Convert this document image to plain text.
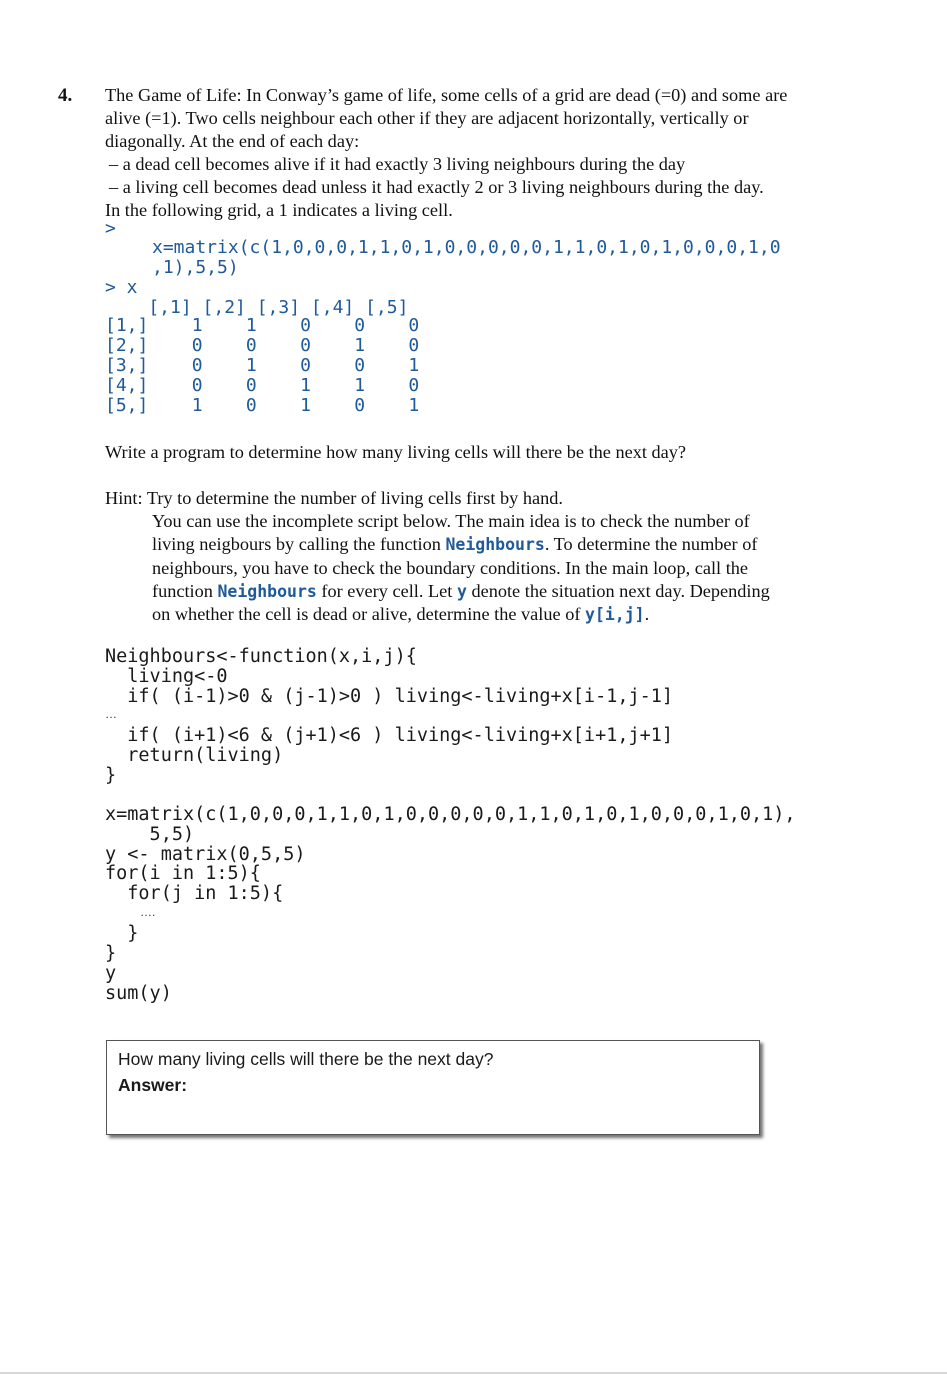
4. The Game of Life: In Conway’s game of life, some cells of a grid are dead (=0) and some are
alive (=1). Two cells neighbour each other if they are adjacent horizontally, vertically or
diagonally. At the end of each day:
– a dead cell becomes alive if it had exactly 3 living neighbours during the day
– a living cell becomes dead unless it had exactly 2 or 3 living neighbours during the day.
In the following grid, a 1 indicates a living cell.
>
x=matrix(c(1,0,0,0,1,1,0,1,0,0,0,0,0,1,1,0,1,0,1,0,0,0,1,0
,1),5,5)
> x
[,1] [,2] [,3] [,4] [,5]
[1,]    1    1    0    0    0
[2,]    0    0    0    1    0
[3,]    0    1    0    0    1
[4,]    0    0    1    1    0
[5,]    1    0    1    0    1
Write a program to determine how many living cells will there be the next day?
Hint: Try to determine the number of living cells first by hand.
You can use the incomplete script below. The main idea is to check the number of
living neigbours by calling the function Neighbours. To determine the number of
neighbours, you have to check the boundary conditions. In the main loop, call the
function Neighbours for every cell. Let y denote the situation next day. Depending
on whether the cell is dead or alive, determine the value of y[i,j].
Neighbours<-function(x,i,j){
living<-0
if( (i-1)>0 & (j-1)>0 ) living<-living+x[i-1,j-1]
…
if( (i+1)<6 & (j+1)<6 ) living<-living+x[i+1,j+1]
return(living)
}
x=matrix(c(1,0,0,0,1,1,0,1,0,0,0,0,0,1,1,0,1,0,1,0,0,0,1,0,1),
5,5)
y <- matrix(0,5,5)
for(i in 1:5){
for(j in 1:5){
….
}
}
y
sum(y)
How many living cells will there be the next day?
Answer:
